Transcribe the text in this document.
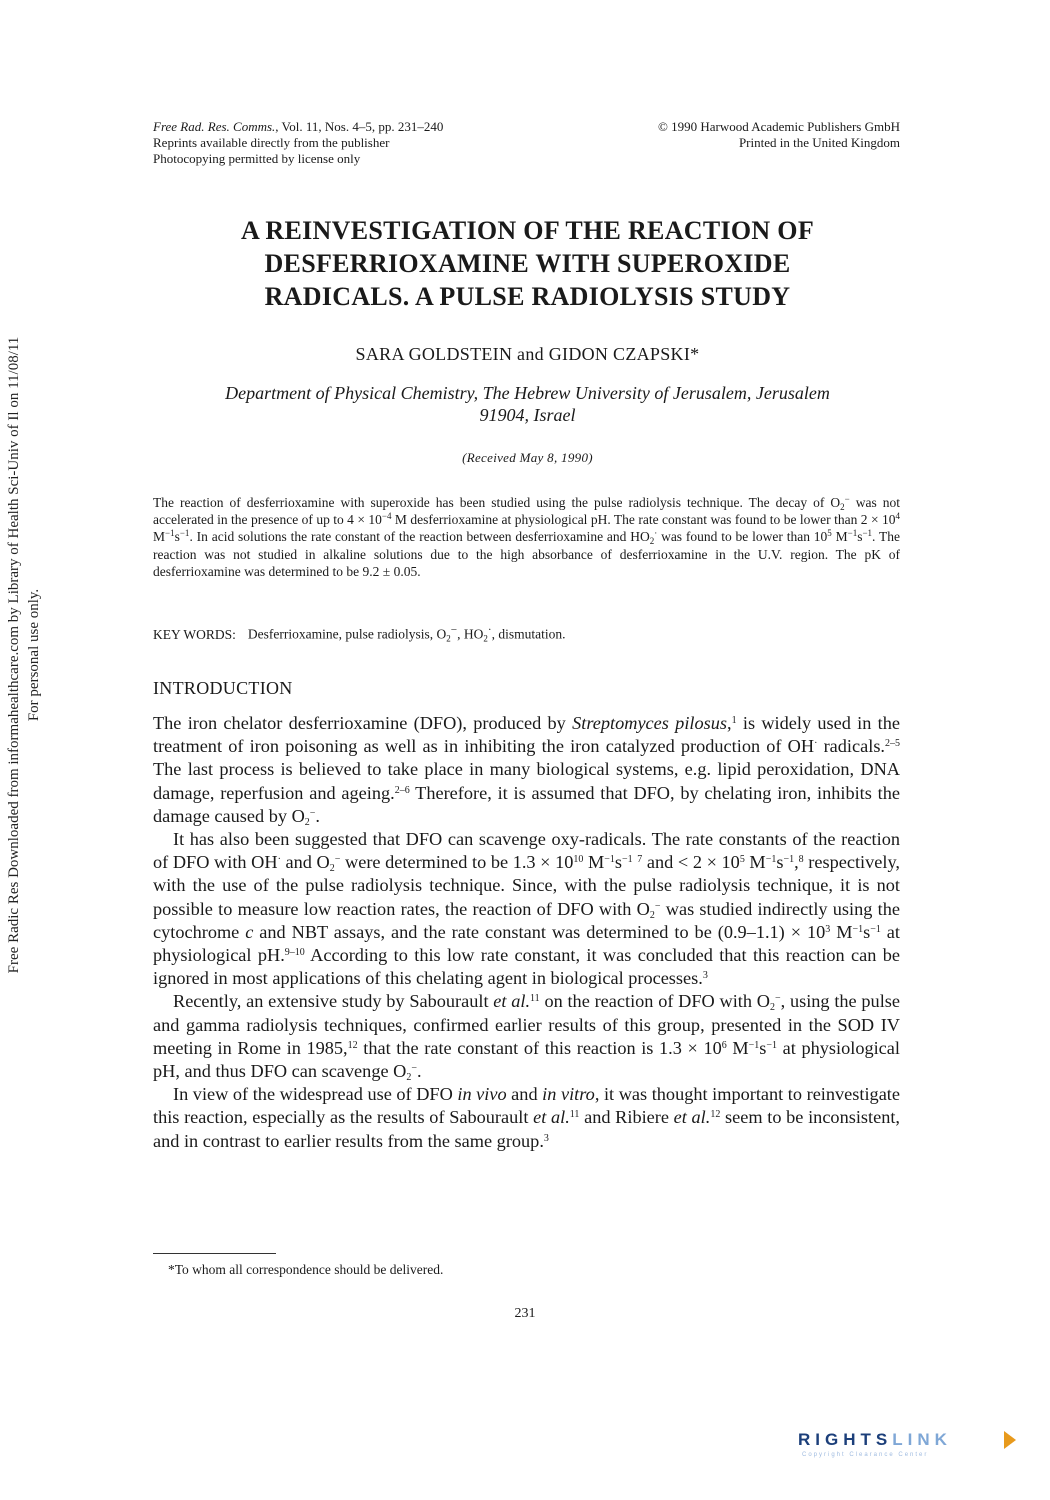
Free Radic Res Downloaded from informahealthcare.com by Library of Health Sci-Univ of Il on 11/08/11 For personal use only.
Free Rad. Res. Comms., Vol. 11, Nos. 4–5, pp. 231–240
Reprints available directly from the publisher
Photocopying permitted by license only
© 1990 Harwood Academic Publishers GmbH
Printed in the United Kingdom
A REINVESTIGATION OF THE REACTION OF
DESFERRIOXAMINE WITH SUPEROXIDE
RADICALS. A PULSE RADIOLYSIS STUDY
SARA GOLDSTEIN and GIDON CZAPSKI*
Department of Physical Chemistry, The Hebrew University of Jerusalem, Jerusalem
91904, Israel
(Received May 8, 1990)
The reaction of desferrioxamine with superoxide has been studied using the pulse radiolysis technique. The decay of $O_2^-$ was not accelerated in the presence of up to $4 \times 10^{-4}$ M desferrioxamine at physiological pH. The rate constant was found to be lower than $2 \times 10^4$ $M^{-1}s^{-1}$. In acid solutions the rate constant of the reaction between desferrioxamine and $HO_2^\cdot$ was found to be lower than $10^5$ $M^{-1}s^{-1}$. The reaction was not studied in alkaline solutions due to the high absorbance of desferrioxamine in the U.V. region. The pK of desferrioxamine was determined to be 9.2 ± 0.05.
KEY WORDS: Desferrioxamine, pulse radiolysis, $O_2^-$, $HO_2^\cdot$, dismutation.
INTRODUCTION

The iron chelator desferrioxamine (DFO), produced by Streptomyces pilosus,$^1$ is widely used in the treatment of iron poisoning as well as in inhibiting the iron catalyzed production of OH· radicals.$^{2-5}$ The last process is believed to take place in many biological systems, e.g. lipid peroxidation, DNA damage, reperfusion and ageing.$^{2-6}$ Therefore, it is assumed that DFO, by chelating iron, inhibits the damage caused by $O_2^-$.

It has also been suggested that DFO can scavenge oxy-radicals. The rate constants of the reaction of DFO with OH· and $O_2^-$ were determined to be $1.3 \times 10^{10}$ $M^{-1}s^{-1}$ $^7$ and < $2 \times 10^5$ $M^{-1}s^{-1},^8$ respectively, with the use of the pulse radiolysis technique. Since, with the pulse radiolysis technique, it is not possible to measure low reaction rates, the reaction of DFO with $O_2^-$ was studied indirectly using the cytochrome c and NBT assays, and the rate constant was determined to be $(0.9-1.1) \times 10^3$ $M^{-1}s^{-1}$ at physiological pH.$^{9-10}$ According to this low rate constant, it was concluded that this reaction can be ignored in most applications of this chelating agent in biological processes.$^3$

Recently, an extensive study by Sabourault et al.$^{11}$ on the reaction of DFO with $O_2^-$, using the pulse and gamma radiolysis techniques, confirmed earlier results of this group, presented in the SOD IV meeting in Rome in 1985,12 that the rate constant of this reaction is $1.3 \times 10^6$ $M^{-1}s^{-1}$ at physiological pH, and thus DFO can scavenge $O_2^-$.

In view of the widespread use of DFO in vivo and in vitro, it was thought important to reinvestigate this reaction, especially as the results of Sabourault et al.$^{11}$ and Ribiere et al.$^{12}$ seem to be inconsistent, and in contrast to earlier results from the same group.$^3$

*To whom all correspondence should be delivered.
231
RIGHTSLINK
Copyright Clearance Center
